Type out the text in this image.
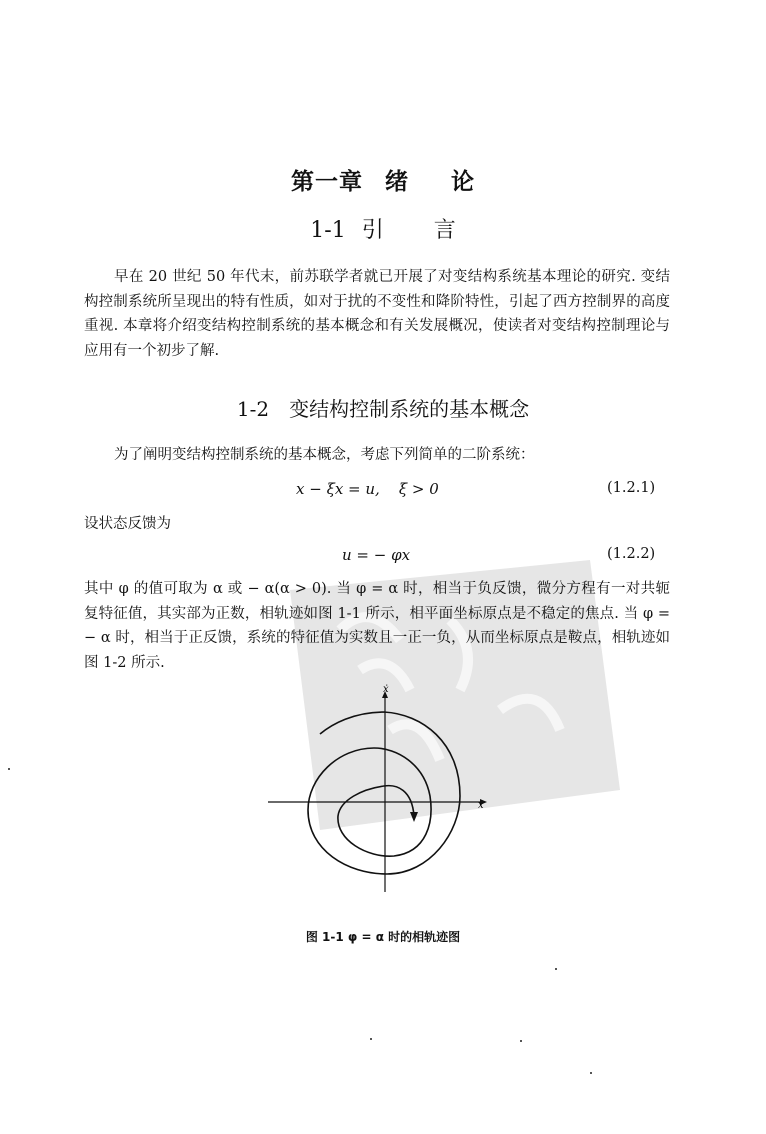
第一章 绪 论
1-1 引 言
早在 20 世纪 50 年代末，前苏联学者就已开展了对变结构系统基本理论的研究. 变结构控制系统所呈现出的特有性质，如对于扰的不变性和降阶特性，引起了西方控制界的高度重视. 本章将介绍变结构控制系统的基本概念和有关发展概况，使读者对变结构控制理论与应用有一个初步了解.
1-2 变结构控制系统的基本概念
为了阐明变结构控制系统的基本概念，考虑下列简单的二阶系统：
x − ξx = u,    ξ > 0	(1.2.1)
设状态反馈为
u = − φx	(1.2.2)
其中 φ 的值可取为 α 或 − α(α > 0). 当 φ = α 时，相当于负反馈，微分方程有一对共轭复特征值，其实部为正数，相轨迹如图 1-1 所示，相平面坐标原点是不稳定的焦点. 当 φ = − α 时，相当于正反馈，系统的特征值为实数且一正一负，从而坐标原点是鞍点，相轨迹如图 1-2 所示.
ẋ
x
图 1-1 φ = α 时的相轨迹图
